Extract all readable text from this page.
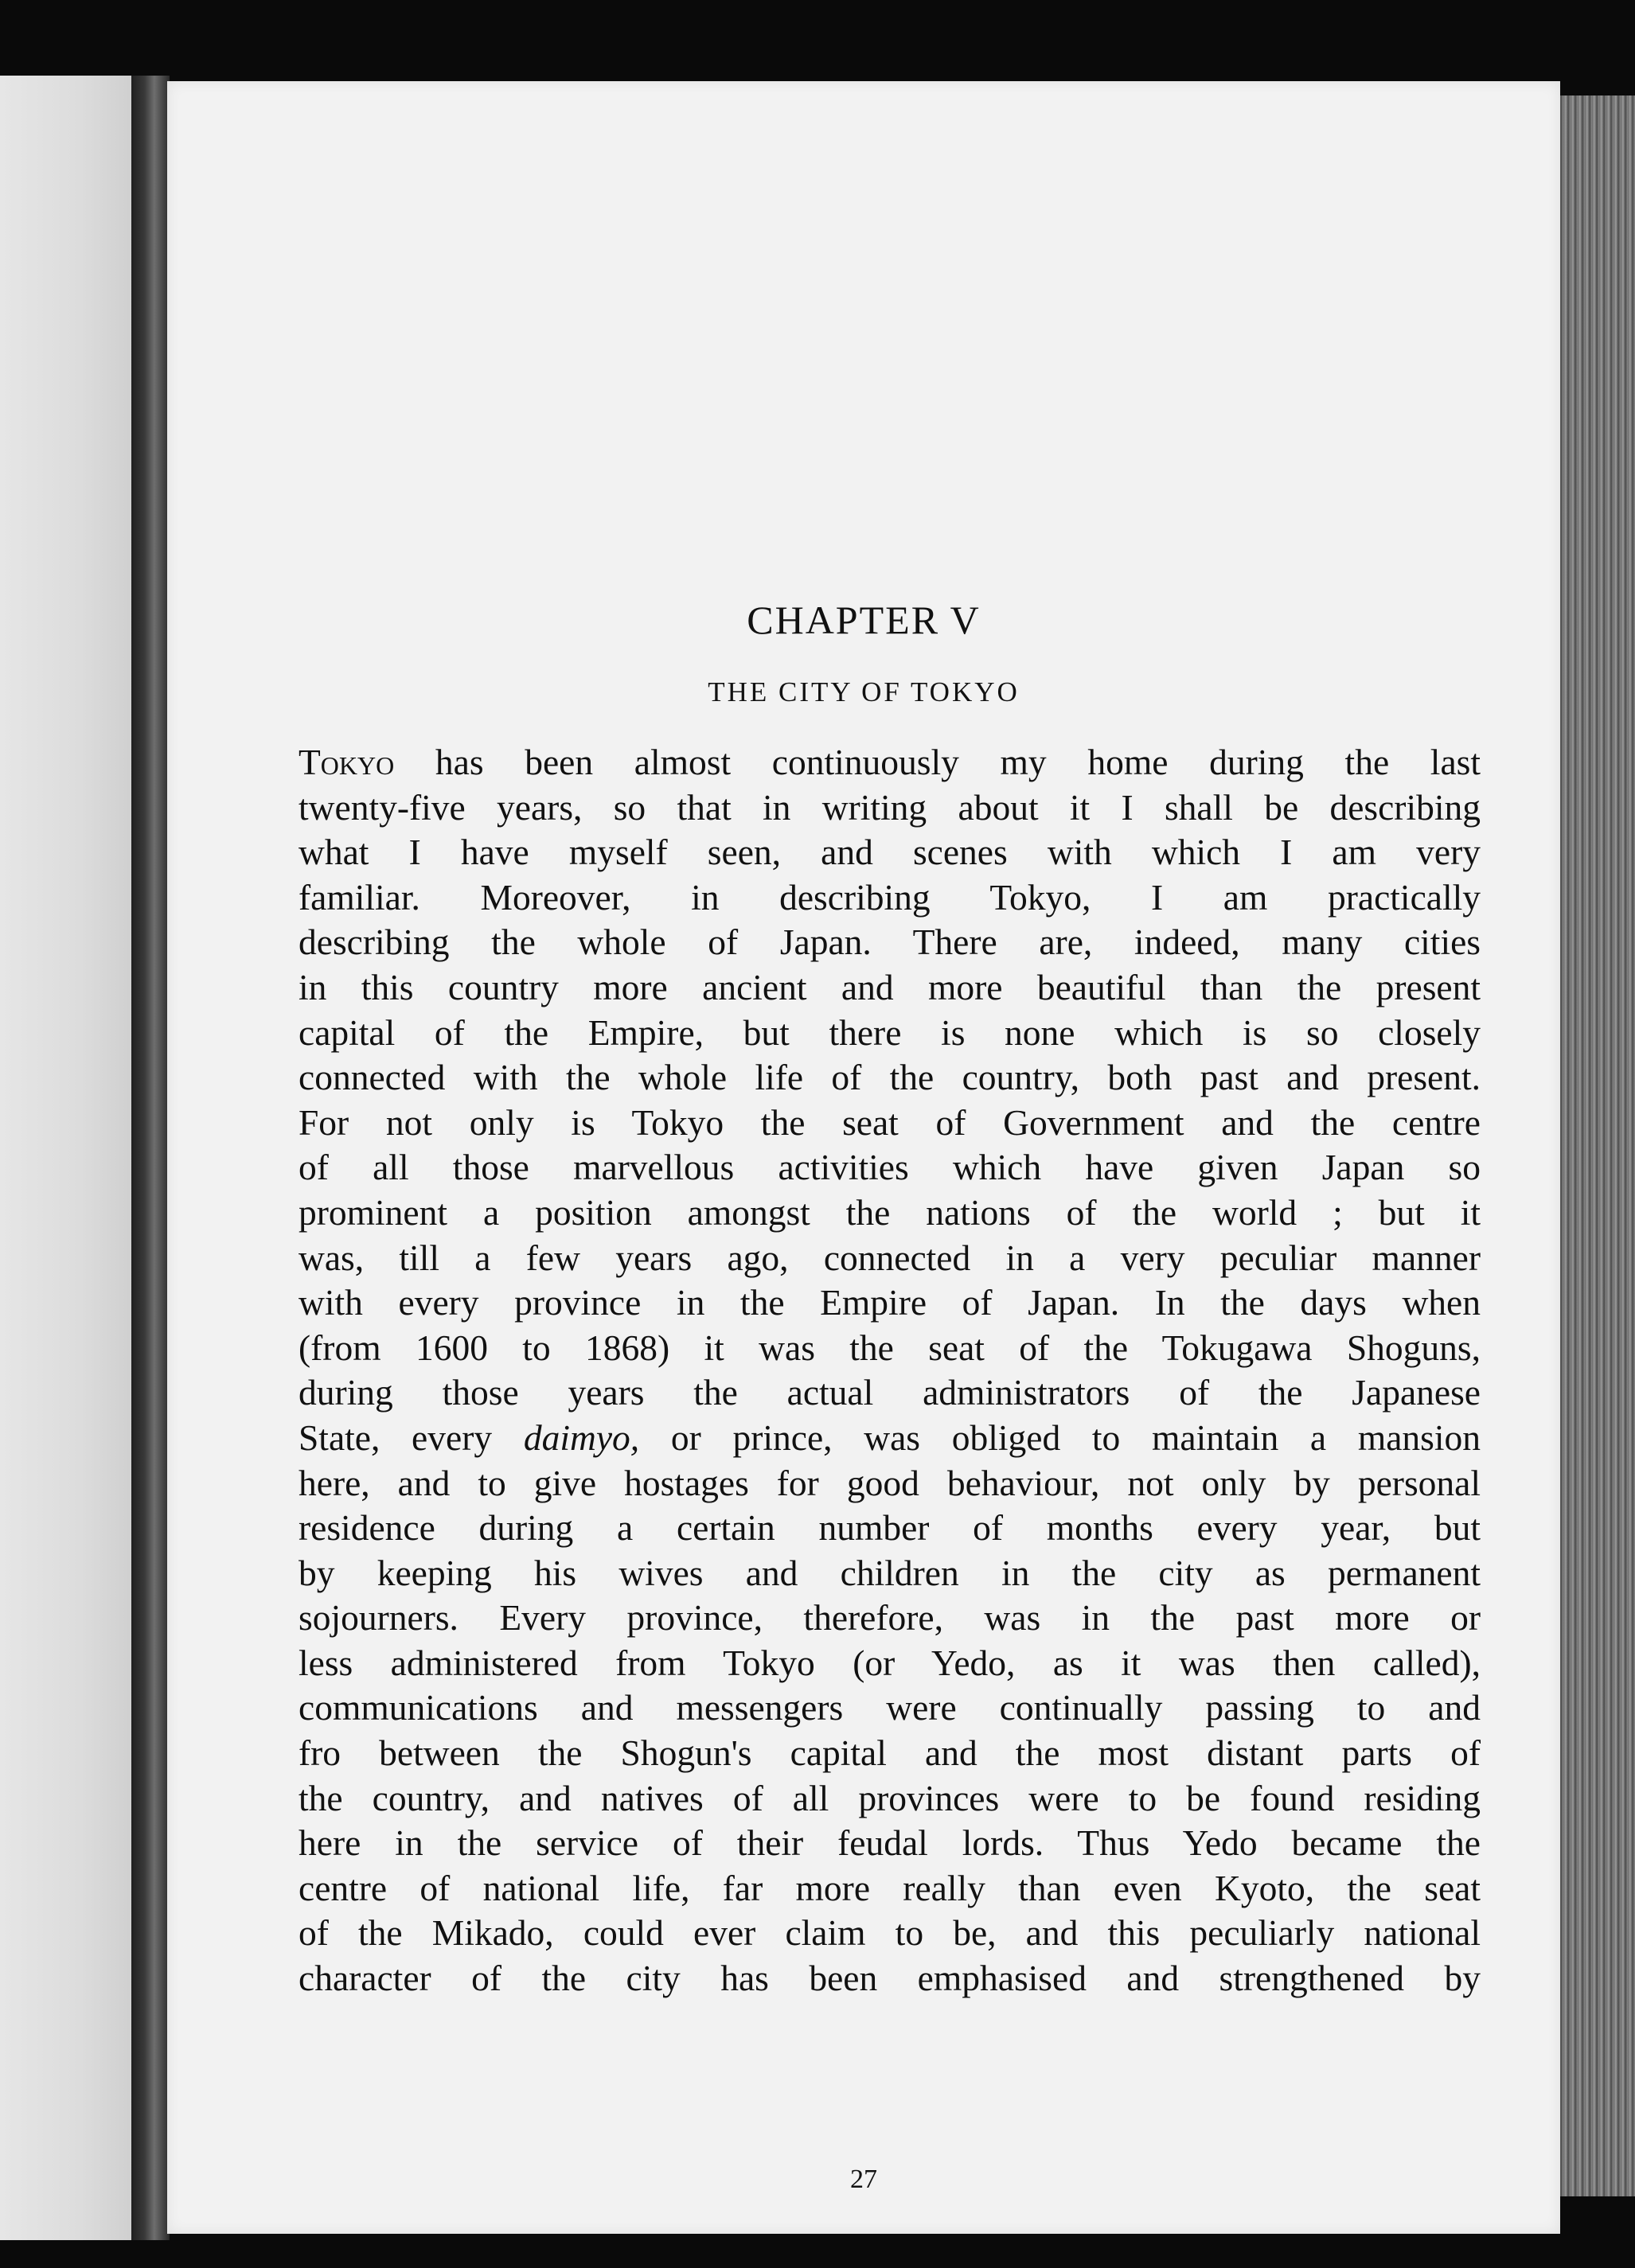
CHAPTER V
THE CITY OF TOKYO
Tokyo has been almost continuously my home during the last
twenty-five years, so that in writing about it I shall be describing
what I have myself seen, and scenes with which I am very
familiar. Moreover, in describing Tokyo, I am practically
describing the whole of Japan. There are, indeed, many cities
in this country more ancient and more beautiful than the present
capital of the Empire, but there is none which is so closely
connected with the whole life of the country, both past and present.
For not only is Tokyo the seat of Government and the centre
of all those marvellous activities which have given Japan so
prominent a position amongst the nations of the world ; but it
was, till a few years ago, connected in a very peculiar manner
with every province in the Empire of Japan. In the days when
(from 1600 to 1868) it was the seat of the Tokugawa Shoguns,
during those years the actual administrators of the Japanese
State, every daimyo, or prince, was obliged to maintain a mansion
here, and to give hostages for good behaviour, not only by personal
residence during a certain number of months every year, but
by keeping his wives and children in the city as permanent
sojourners. Every province, therefore, was in the past more or
less administered from Tokyo (or Yedo, as it was then called),
communications and messengers were continually passing to and
fro between the Shogun's capital and the most distant parts of
the country, and natives of all provinces were to be found residing
here in the service of their feudal lords. Thus Yedo became the
centre of national life, far more really than even Kyoto, the seat
of the Mikado, could ever claim to be, and this peculiarly national
character of the city has been emphasised and strengthened by
27
